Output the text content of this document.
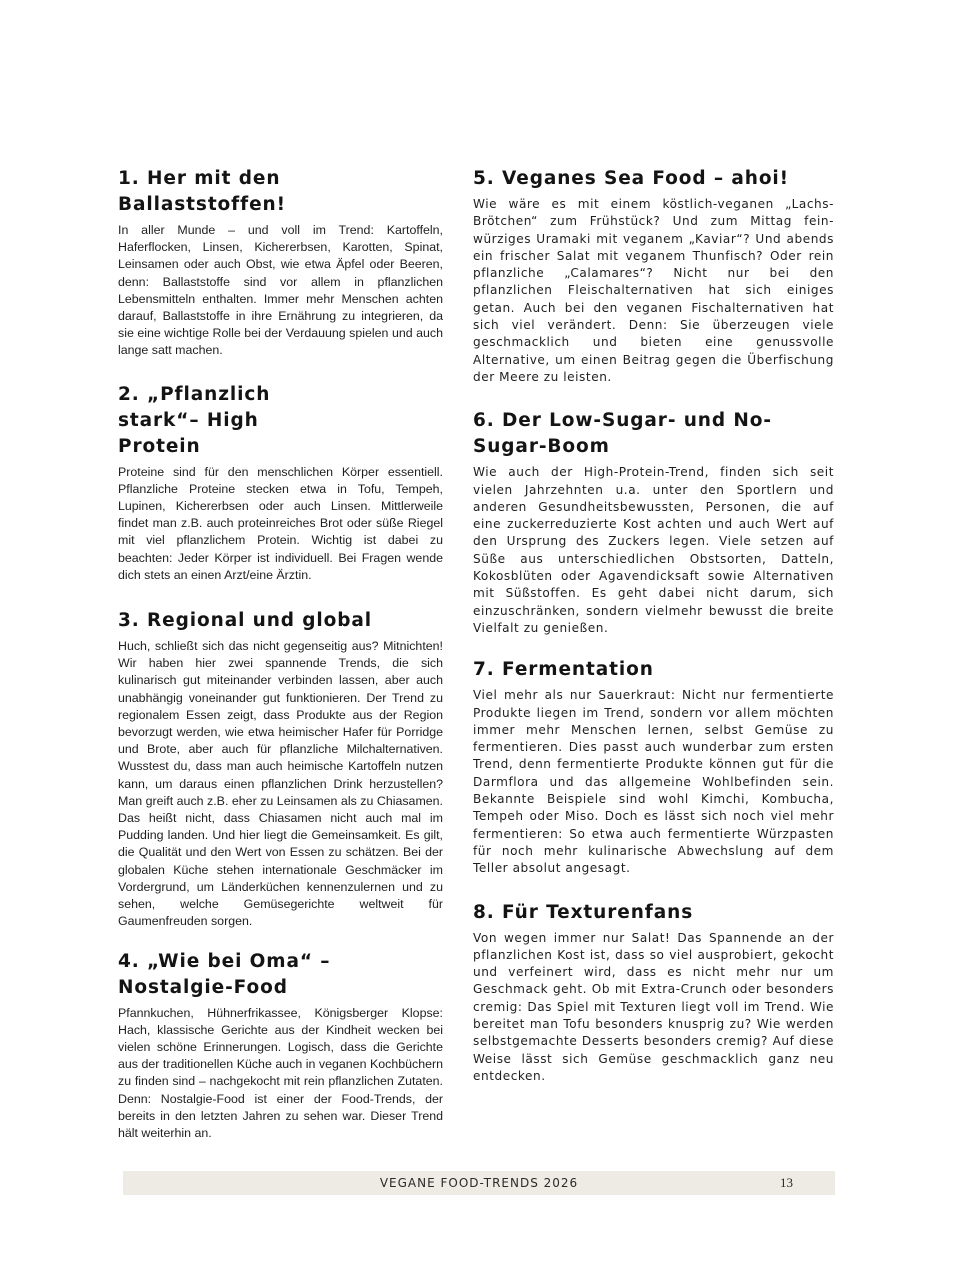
1. Her mit den Ballaststoffen!

In aller Munde – und voll im Trend: Kartoffeln, Haferflocken, Linsen, Kichererbsen, Karotten, Spinat, Leinsamen oder auch Obst, wie etwa Äpfel oder Beeren, denn: Ballaststoffe sind vor allem in pflanzlichen Lebensmitteln enthalten. Immer mehr Menschen achten darauf, Ballaststoffe in ihre Ernährung zu integrieren, da sie eine wichtige Rolle bei der Verdauung spielen und auch lange satt machen.

2. „Pflanzlich stark“– High Protein

Proteine sind für den menschlichen Körper essentiell. Pflanzliche Proteine stecken etwa in Tofu, Tempeh, Lupinen, Kichererbsen oder auch Linsen. Mittlerweile findet man z.B. auch proteinreiches Brot oder süße Riegel mit viel pflanzlichem Protein. Wichtig ist dabei zu beachten: Jeder Körper ist individuell. Bei Fragen wende dich stets an einen Arzt/eine Ärztin.

3. Regional und global

Huch, schließt sich das nicht gegenseitig aus? Mitnichten! Wir haben hier zwei spannende Trends, die sich kulinarisch gut miteinander verbinden lassen, aber auch unabhängig voneinander gut funktionieren. Der Trend zu regionalem Essen zeigt, dass Produkte aus der Region bevorzugt werden, wie etwa heimischer Hafer für Porridge und Brote, aber auch für pflanzliche Milchalternativen. Wusstest du, dass man auch heimische Kartoffeln nutzen kann, um daraus einen pflanzlichen Drink herzustellen? Man greift auch z.B. eher zu Leinsamen als zu Chiasamen. Das heißt nicht, dass Chiasamen nicht auch mal im Pudding landen. Und hier liegt die Gemeinsamkeit. Es gilt, die Qualität und den Wert von Essen zu schätzen. Bei der globalen Küche stehen internationale Geschmäcker im Vordergrund, um Länderküchen kennenzulernen und zu sehen, welche Gemüsegerichte weltweit für Gaumenfreuden sorgen.

4. „Wie bei Oma“ – Nostalgie-Food

Pfannkuchen, Hühnerfrikassee, Königsberger Klopse: Hach, klassische Gerichte aus der Kindheit wecken bei vielen schöne Erinnerungen. Logisch, dass die Gerichte aus der traditionellen Küche auch in veganen Kochbüchern zu finden sind – nachgekocht mit rein pflanzlichen Zutaten. Denn: Nostalgie-Food ist einer der Food-Trends, der bereits in den letzten Jahren zu sehen war. Dieser Trend hält weiterhin an.

5. Veganes Sea Food – ahoi!

Wie wäre es mit einem köstlich-veganen „Lachs-Brötchen“ zum Frühstück? Und zum Mittag fein-würziges Uramaki mit veganem „Kaviar“? Und abends ein frischer Salat mit veganem Thunfisch? Oder rein pflanzliche „Calamares“? Nicht nur bei den pflanzlichen Fleischalternativen hat sich einiges getan. Auch bei den veganen Fischalternativen hat sich viel verändert. Denn: Sie überzeugen viele geschmacklich und bieten eine genussvolle Alternative, um einen Beitrag gegen die Überfischung der Meere zu leisten.

6. Der Low-Sugar- und No-Sugar-Boom

Wie auch der High-Protein-Trend, finden sich seit vielen Jahrzehnten u.a. unter den Sportlern und anderen Gesundheitsbewussten, Personen, die auf eine zuckerreduzierte Kost achten und auch Wert auf den Ursprung des Zuckers legen. Viele setzen auf Süße aus unterschiedlichen Obstsorten, Datteln, Kokosblüten oder Agavendicksaft sowie Alternativen mit Süßstoffen. Es geht dabei nicht darum, sich einzuschränken, sondern vielmehr bewusst die breite Vielfalt zu genießen.

7. Fermentation

Viel mehr als nur Sauerkraut: Nicht nur fermentierte Produkte liegen im Trend, sondern vor allem möchten immer mehr Menschen lernen, selbst Gemüse zu fermentieren. Dies passt auch wunderbar zum ersten Trend, denn fermentierte Produkte können gut für die Darmflora und das allgemeine Wohlbefinden sein. Bekannte Beispiele sind wohl Kimchi, Kombucha, Tempeh oder Miso. Doch es lässt sich noch viel mehr fermentieren: So etwa auch fermentierte Würzpasten für noch mehr kulinarische Abwechslung auf dem Teller absolut angesagt.

8. Für Texturenfans

Von wegen immer nur Salat! Das Spannende an der pflanzlichen Kost ist, dass so viel ausprobiert, gekocht und verfeinert wird, dass es nicht mehr nur um Geschmack geht. Ob mit Extra-Crunch oder besonders cremig: Das Spiel mit Texturen liegt voll im Trend. Wie bereitet man Tofu besonders knusprig zu? Wie werden selbstgemachte Desserts besonders cremig? Auf diese Weise lässt sich Gemüse geschmacklich ganz neu entdecken.

VEGANE FOOD-TRENDS 2026	13
